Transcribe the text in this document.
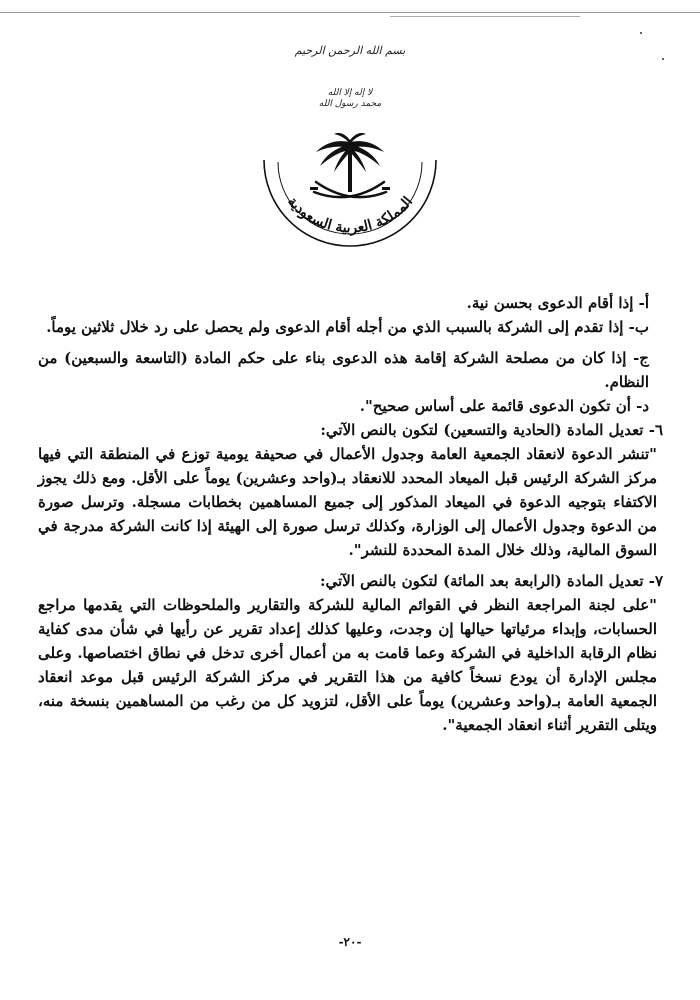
بسم الله الرحمن الرحيم
لا إله إلا الله
محمد رسول الله
المملكة العربية السعودية

أ- إذا أقام الدعوى بحسن نية.

ب- إذا تقدم إلى الشركة بالسبب الذي من أجله أقام الدعوى ولم يحصل على رد خلال ثلاثين يوماً.

ج- إذا كان من مصلحة الشركة إقامة هذه الدعوى بناء على حكم المادة (التاسعة والسبعين) من النظام.

د- أن تكون الدعوى قائمة على أساس صحيح".

٦- تعديل المادة (الحادية والتسعين) لتكون بالنص الآتي:

"تنشر الدعوة لانعقاد الجمعية العامة وجدول الأعمال في صحيفة يومية توزع في المنطقة التي فيها مركز الشركة الرئيس قبل الميعاد المحدد للانعقاد بـ(واحد وعشرين) يوماً على الأقل. ومع ذلك يجوز الاكتفاء بتوجيه الدعوة في الميعاد المذكور إلى جميع المساهمين بخطابات مسجلة. وترسل صورة من الدعوة وجدول الأعمال إلى الوزارة، وكذلك ترسل صورة إلى الهيئة إذا كانت الشركة مدرجة في السوق المالية، وذلك خلال المدة المحددة للنشر".

٧- تعديل المادة (الرابعة بعد المائة) لتكون بالنص الآتي:

"على لجنة المراجعة النظر في القوائم المالية للشركة والتقارير والملحوظات التي يقدمها مراجع الحسابات، وإبداء مرئياتها حيالها إن وجدت، وعليها كذلك إعداد تقرير عن رأيها في شأن مدى كفاية نظام الرقابة الداخلية في الشركة وعما قامت به من أعمال أخرى تدخل في نطاق اختصاصها. وعلى مجلس الإدارة أن يودع نسخاً كافية من هذا التقرير في مركز الشركة الرئيس قبل موعد انعقاد الجمعية العامة بـ(واحد وعشرين) يوماً على الأقل، لتزويد كل من رغب من المساهمين بنسخة منه، ويتلى التقرير أثناء انعقاد الجمعية".

-٢٠-
